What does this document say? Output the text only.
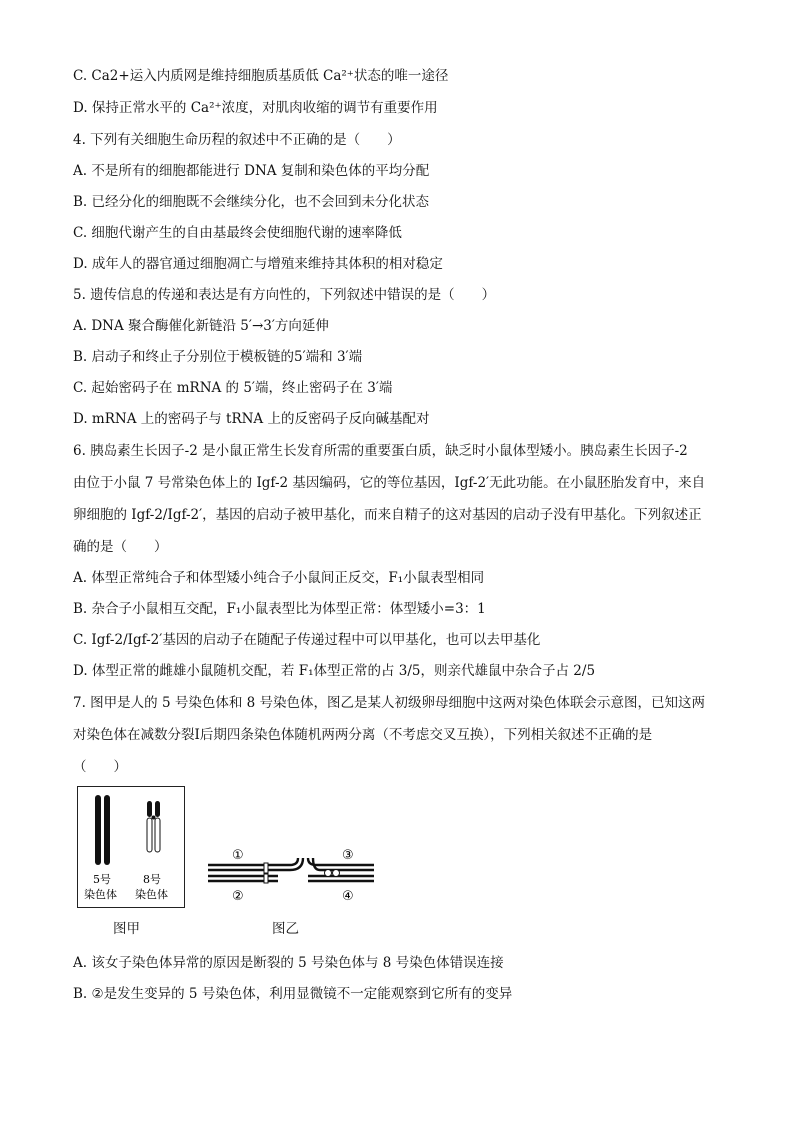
C. Ca2+运入内质网是维持细胞质基质低 Ca²⁺状态的唯一途径
D. 保持正常水平的 Ca²⁺浓度，对肌肉收缩的调节有重要作用
4. 下列有关细胞生命历程的叙述中不正确的是（　　）
A. 不是所有的细胞都能进行 DNA 复制和染色体的平均分配
B. 已经分化的细胞既不会继续分化，也不会回到未分化状态
C. 细胞代谢产生的自由基最终会使细胞代谢的速率降低
D. 成年人的器官通过细胞凋亡与增殖来维持其体积的相对稳定
5. 遗传信息的传递和表达是有方向性的，下列叙述中错误的是（　　）
A. DNA 聚合酶催化新链沿 5′→3′方向延伸
B. 启动子和终止子分别位于模板链的5′端和 3′端
C. 起始密码子在 mRNA 的 5′端，终止密码子在 3′端
D. mRNA 上的密码子与 tRNA 上的反密码子反向碱基配对
6. 胰岛素生长因子-2 是小鼠正常生长发育所需的重要蛋白质，缺乏时小鼠体型矮小。胰岛素生长因子-2
由位于小鼠 7 号常染色体上的 Igf-2 基因编码，它的等位基因，Igf-2′无此功能。在小鼠胚胎发育中，来自
卵细胞的 Igf-2/Igf-2′，基因的启动子被甲基化，而来自精子的这对基因的启动子没有甲基化。下列叙述正
确的是（　　）
A. 体型正常纯合子和体型矮小纯合子小鼠间正反交，F₁小鼠表型相同
B. 杂合子小鼠相互交配，F₁小鼠表型比为体型正常：体型矮小=3：1
C. Igf-2/Igf-2′基因的启动子在随配子传递过程中可以甲基化，也可以去甲基化
D. 体型正常的雌雄小鼠随机交配，若 F₁体型正常的占 3/5，则亲代雄鼠中杂合子占 2/5
7. 图甲是人的 5 号染色体和 8 号染色体，图乙是某人初级卵母细胞中这两对染色体联会示意图，已知这两
对染色体在减数分裂Ⅰ后期四条染色体随机两两分离（不考虑交叉互换），下列相关叙述不正确的是
（　　）
A. 该女子染色体异常的原因是断裂的 5 号染色体与 8 号染色体错误连接
B. ②是发生变异的 5 号染色体，利用显微镜不一定能观察到它所有的变异
5号
染色体
8号
染色体
①
②
③
④
图甲	图乙
